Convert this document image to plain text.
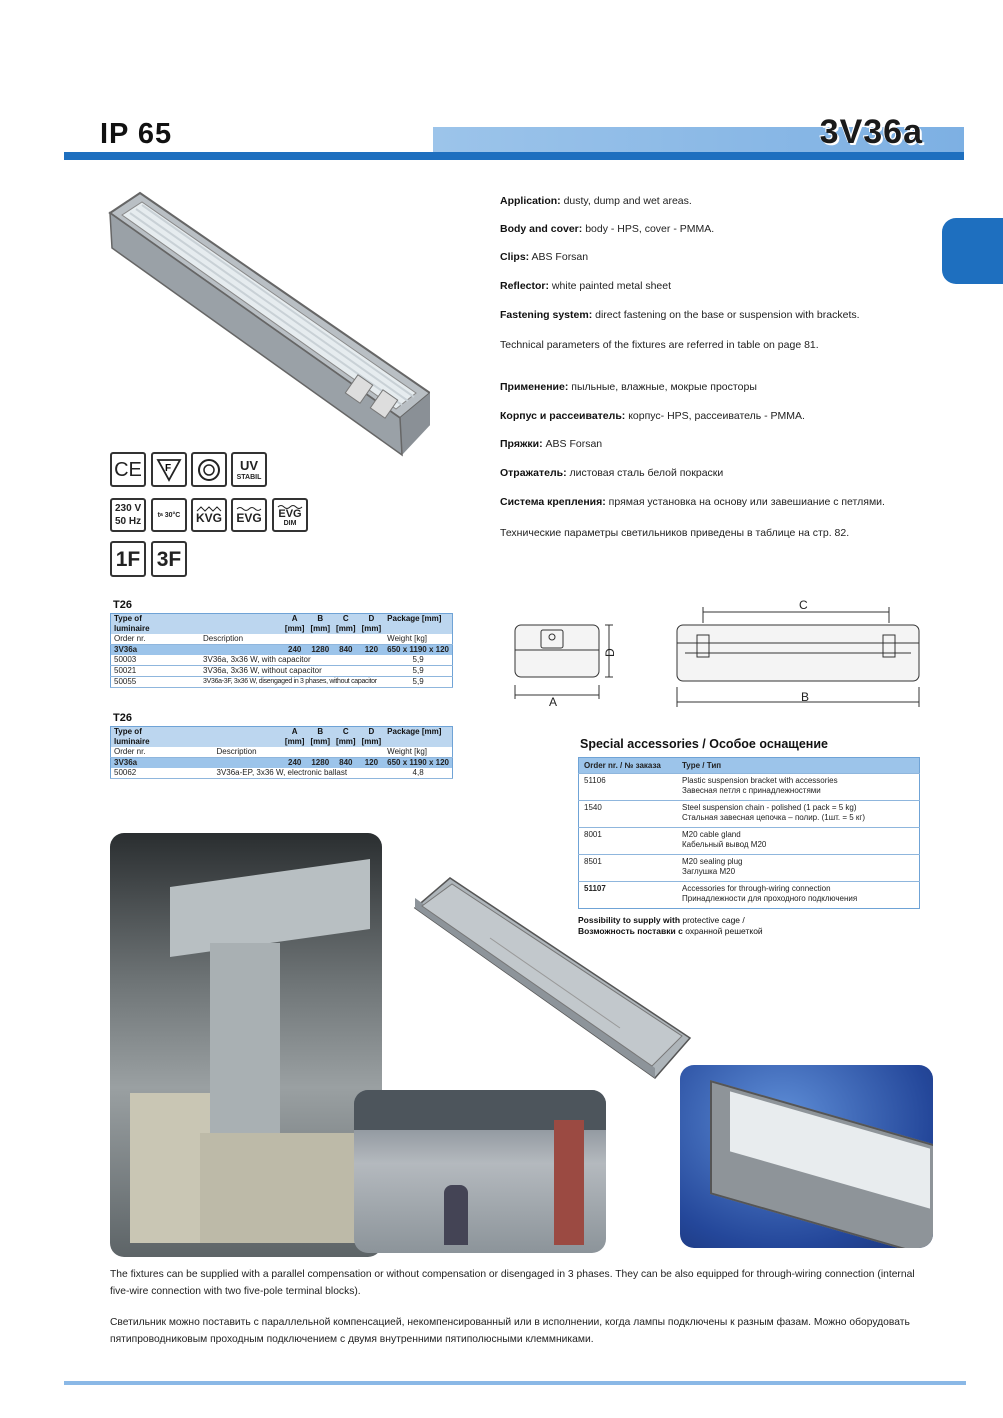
IP 65	3V36a
CE F	UV
STABIL
230 V
50 Hz
t a
30°C KVG EVG EVG
DIM
1F 3F
Application: dusty, dump and wet areas.
Body and cover: body - HPS, cover - PMMA.
Clips: ABS Forsan
Reflector: white painted metal sheet
Fastening system: direct fastening on the base or suspension with brackets.
Technical parameters of the fixtures are referred in table on page 81.
Применение: пыльные, влажные, мокрые простoры
Корпус и рассеиватель: корпус- HPS, рассеиватель - PMMA.
Пряжки: ABS Forsan
Отражатель: листовая сталь белой покраски
Система крепления: прямая установка на основу или завешиание с петлями.
Технические параметры светильников приведены в таблице на стр. 82.
T26
Type of		A	B	C	D	Package [mm]
luminaire		[mm]	[mm]	[mm]	[mm]	
Order nr.	Description					Weight [kg]
3V36a		240	1280	840	120	650 x 1190 x 120
50003	3V36a, 3x36 W, with capacitor					5,9
50021	3V36a, 3x36 W, without capacitor					5,9
50055	3V36a-3F, 3x36 W, disengaged in 3 phases, without capacitor					5,9
T26
Type of		A	B	C	D	Package [mm]
luminaire		[mm]	[mm]	[mm]	[mm]	
Order nr.	Description					Weight [kg]
3V36a		240	1280	840	120	650 x 1190 x 120
50062	3V36a-EP, 3x36 W, electronic ballast					4,8
A
D
C
B
Special accessories / Особое оснащение
Order nr. / № заказа	Type / Тип
51106	Plastic suspension bracket with accessories
Завесная петля с принадлежностями

1540	Steel suspension chain - polished (1 pack = 5 kg)
Стальная завесная цепочка – полир. (1шт. = 5 кг)

8001	M20 cable gland
Кабельный вывод М20

8501	M20 sealing plug
Заглушка М20

51107	Accessories for through-wiring connection
Принадлежности для проходного подключения
Possibility to supply with protective cage /
Возможность поставки с охранной решеткой
The fixtures can be supplied with a parallel compensation or without compensation or disengaged in 3 phases. They can be also equipped for through-wiring connection (internal five-wire connection with two five-pole terminal blocks).
Светильник можно поставить с параллельной компенсацией, некомпенсированный или в исполнении, когда лампы подключены к разным фазам. Можно оборудовать пятипроводниковым проходным подключением с двумя внутренними пятиполюсными клеммниками.
